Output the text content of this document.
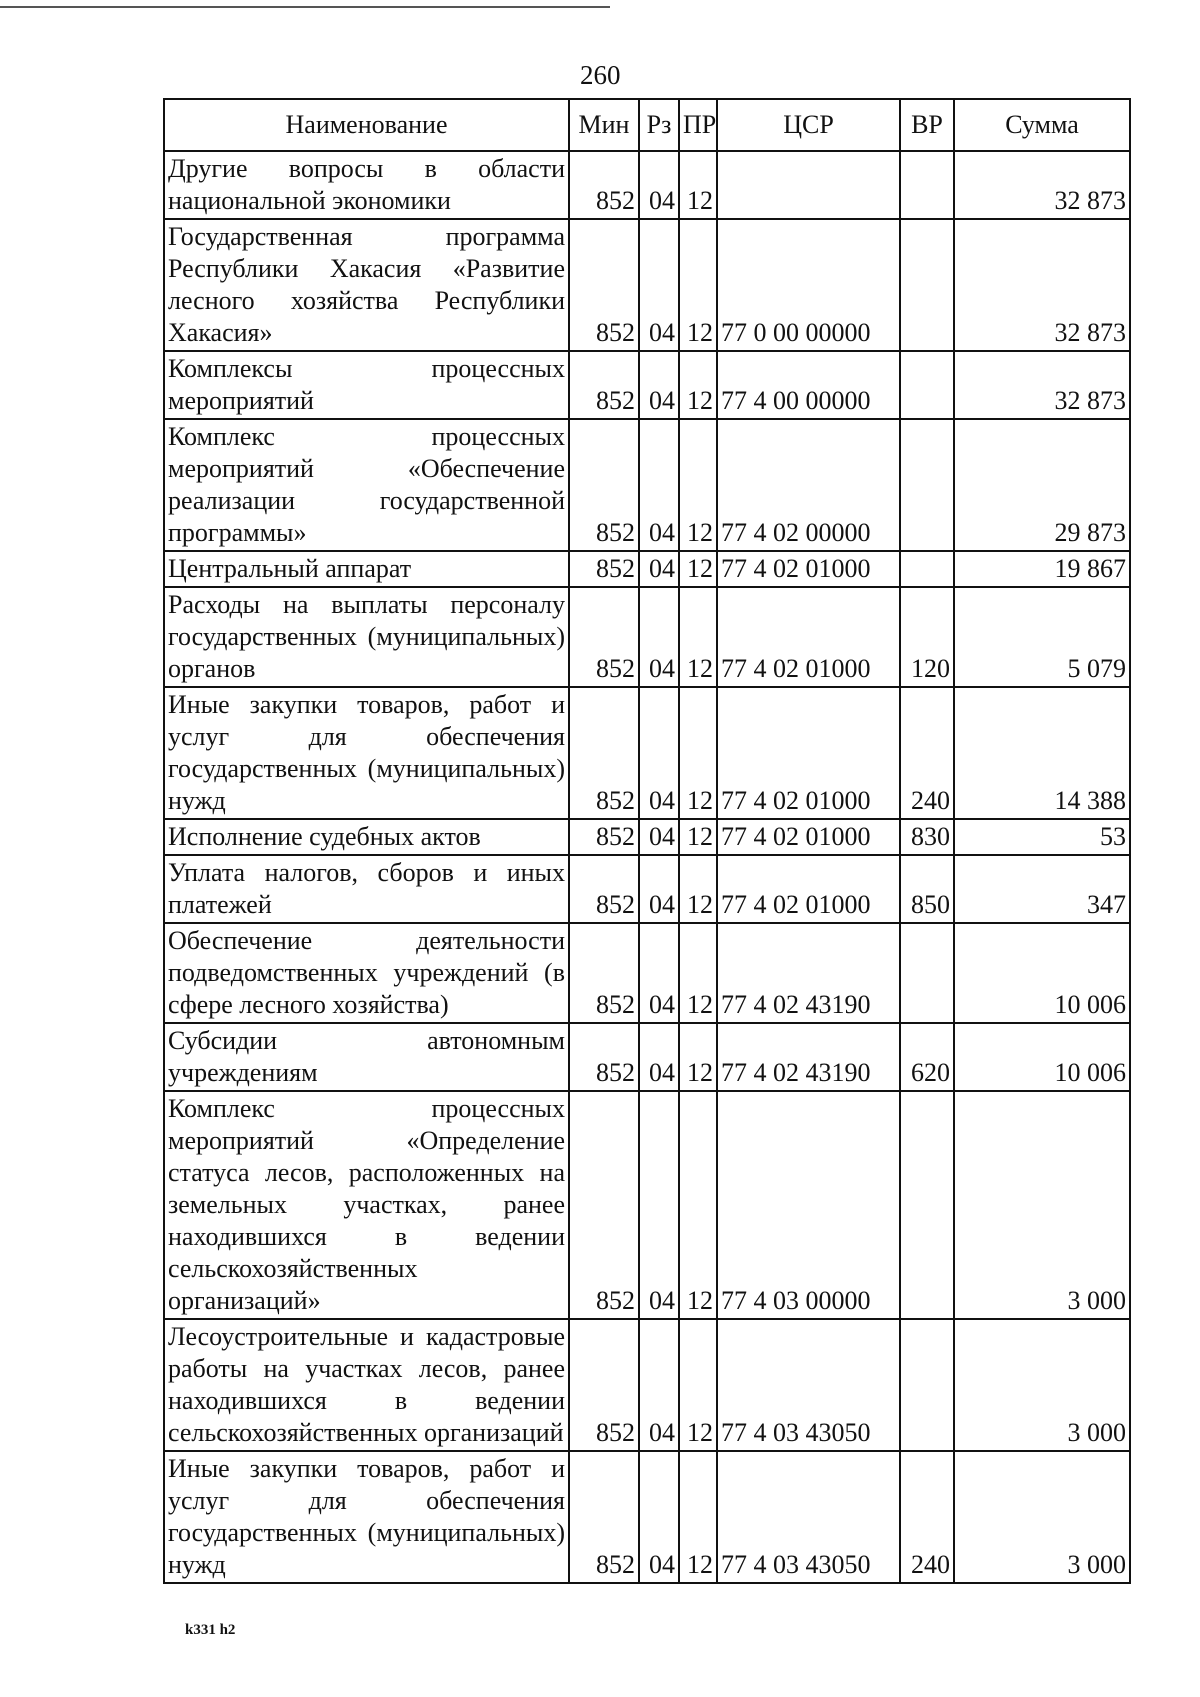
260
Наименование	Мин	Рз	ПР	ЦСР	ВР	Сумма
Другие вопросы в области национальной экономики	852	04	12			32 873
Государственная программа Республики Хакасия «Развитие лесного хозяйства Республики Хакасия»	852	04	12	77 0 00 00000		32 873
Комплексы процессных мероприятий	852	04	12	77 4 00 00000		32 873
Комплекс процессных мероприятий «Обеспечение реализации государственной программы»	852	04	12	77 4 02 00000		29 873
Центральный аппарат	852	04	12	77 4 02 01000		19 867
Расходы на выплаты персоналу государственных (муниципальных) органов	852	04	12	77 4 02 01000	120	5 079
Иные закупки товаров, работ и услуг для обеспечения государственных (муниципальных) нужд	852	04	12	77 4 02 01000	240	14 388
Исполнение судебных актов	852	04	12	77 4 02 01000	830	53
Уплата налогов, сборов и иных платежей	852	04	12	77 4 02 01000	850	347
Обеспечение деятельности подведомственных учреждений (в сфере лесного хозяйства)	852	04	12	77 4 02 43190		10 006
Субсидии автономным учреждениям	852	04	12	77 4 02 43190	620	10 006
Комплекс процессных мероприятий «Определение статуса лесов, расположенных на земельных участках, ранее находившихся в ведении сельскохозяйственных организаций»	852	04	12	77 4 03 00000		3 000
Лесоустроительные и кадастровые работы на участках лесов, ранее находившихся в ведении сельскохозяйственных организаций	852	04	12	77 4 03 43050		3 000
Иные закупки товаров, работ и услуг для обеспечения государственных (муниципальных) нужд	852	04	12	77 4 03 43050	240	3 000
k331 h2
